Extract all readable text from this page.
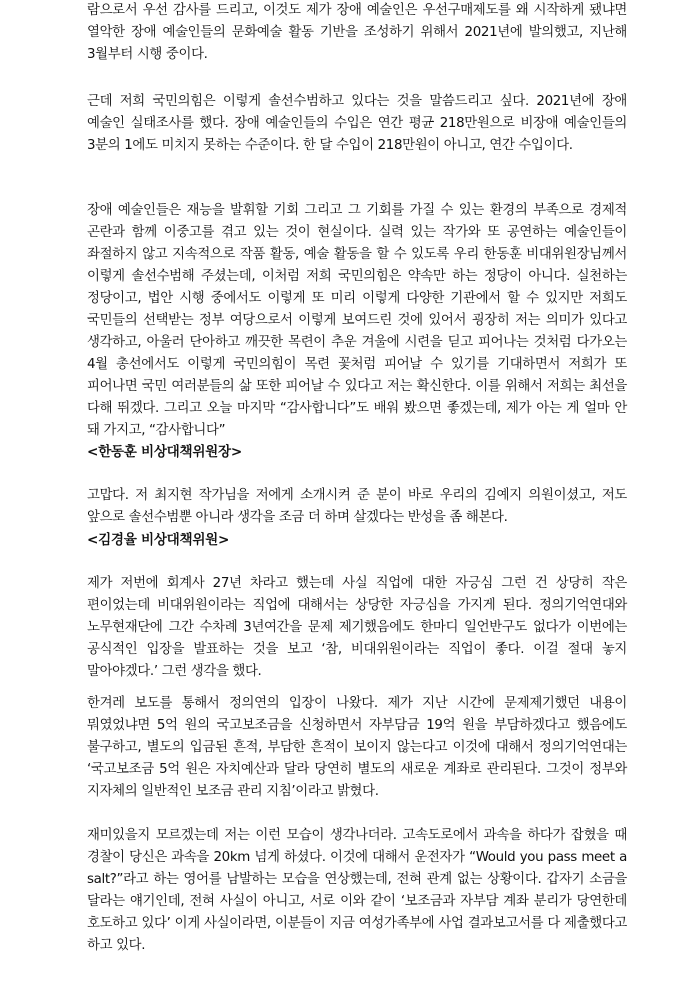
람으로서 우선 감사를 드리고, 이것도 제가 장애 예술인은 우선구매제도를 왜 시작하게 됐냐면 열악한 장애 예술인들의 문화예술 활동 기반을 조성하기 위해서 2021년에 발의했고, 지난해 3월부터 시행 중이다.

근데 저희 국민의힘은 이렇게 솔선수범하고 있다는 것을 말씀드리고 싶다. 2021년에 장애 예술인 실태조사를 했다. 장애 예술인들의 수입은 연간 평균 218만원으로 비장애 예술인들의 3분의 1에도 미치지 못하는 수준이다. 한 달 수입이 218만원이 아니고, 연간 수입이다.

장애 예술인들은 재능을 발휘할 기회 그리고 그 기회를 가질 수 있는 환경의 부족으로 경제적 곤란과 함께 이중고를 겪고 있는 것이 현실이다. 실력 있는 작가와 또 공연하는 예술인들이 좌절하지 않고 지속적으로 작품 활동, 예술 활동을 할 수 있도록 우리 한동훈 비대위원장님께서 이렇게 솔선수범해 주셨는데, 이처럼 저희 국민의힘은 약속만 하는 정당이 아니다. 실천하는 정당이고, 법안 시행 중에서도 이렇게 또 미리 이렇게 다양한 기관에서 할 수 있지만 저희도 국민들의 선택받는 정부 여당으로서 이렇게 보여드린 것에 있어서 굉장히 저는 의미가 있다고 생각하고, 아울러 단아하고 깨끗한 목련이 추운 겨울에 시련을 딛고 피어나는 것처럼 다가오는 4월 총선에서도 이렇게 국민의힘이 목련 꽃처럼 피어날 수 있기를 기대하면서 저희가 또 피어나면 국민 여러분들의 삶 또한 피어날 수 있다고 저는 확신한다. 이를 위해서 저희는 최선을 다해 뛰겠다. 그리고 오늘 마지막 “감사합니다”도 배워 봤으면 좋겠는데, 제가 아는 게 얼마 안 돼 가지고, “감사합니다”

<한동훈 비상대책위원장>

고맙다. 저 최지현 작가님을 저에게 소개시켜 준 분이 바로 우리의 김예지 의원이셨고, 저도 앞으로 솔선수범뿐 아니라 생각을 조금 더 하며 살겠다는 반성을 좀 해본다.

<김경율 비상대책위원>

제가 저번에 회계사 27년 차라고 했는데 사실 직업에 대한 자긍심 그런 건 상당히 작은 편이었는데 비대위원이라는 직업에 대해서는 상당한 자긍심을 가지게 된다. 정의기억연대와 노무현재단에 그간 수차례 3년여간을 문제 제기했음에도 한마디 일언반구도 없다가 이번에는 공식적인 입장을 발표하는 것을 보고 ‘참, 비대위원이라는 직업이 좋다. 이걸 절대 놓지 말아야겠다.’ 그런 생각을 했다.

한겨레 보도를 통해서 정의연의 입장이 나왔다. 제가 지난 시간에 문제제기했던 내용이 뭐였었냐면 5억 원의 국고보조금을 신청하면서 자부담금 19억 원을 부담하겠다고 했음에도 불구하고, 별도의 입금된 흔적, 부담한 흔적이 보이지 않는다고 이것에 대해서 정의기억연대는 ‘국고보조금 5억 원은 자치예산과 달라 당연히 별도의 새로운 계좌로 관리된다. 그것이 정부와 지자체의 일반적인 보조금 관리 지침’이라고 밝혔다.

재미있을지 모르겠는데 저는 이런 모습이 생각나더라. 고속도로에서 과속을 하다가 잡혔을 때 경찰이 당신은 과속을 20km 넘게 하셨다. 이것에 대해서 운전자가 “Would you pass meet a salt?”라고 하는 영어를 남발하는 모습을 연상했는데, 전혀 관계 없는 상황이다. 갑자기 소금을 달라는 얘기인데, 전혀 사실이 아니고, 서로 이와 같이 ‘보조금과 자부담 계좌 분리가 당연한데 호도하고 있다’ 이게 사실이라면, 이분들이 지금 여성가족부에 사업 결과보고서를 다 제출했다고 하고 있다.
